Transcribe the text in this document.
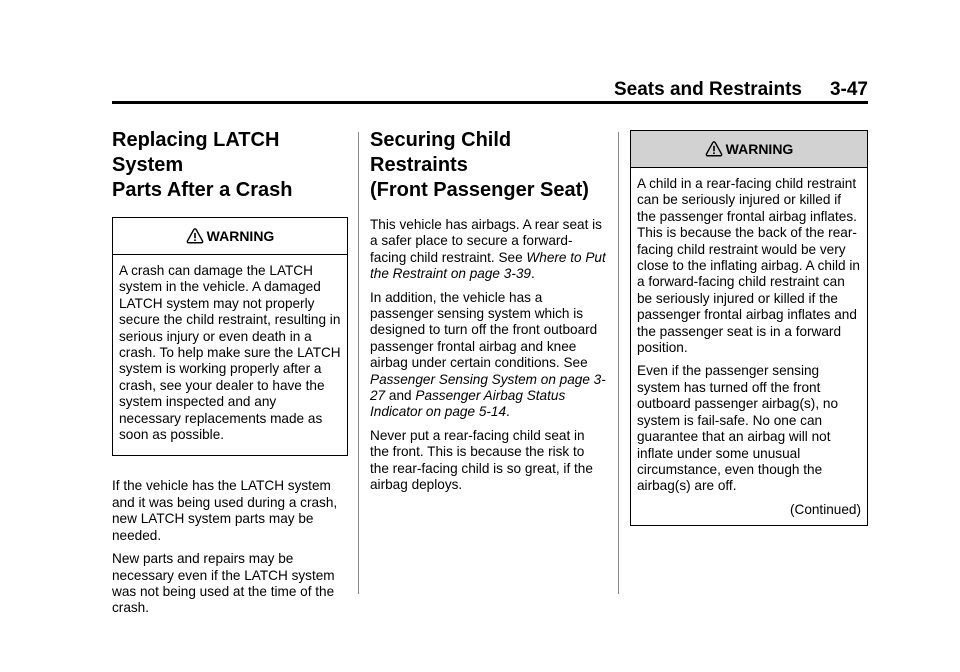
Seats and Restraints 3-47
Replacing LATCH System
Parts After a Crash
WARNING

A crash can damage the LATCH system in the vehicle. A damaged LATCH system may not properly secure the child restraint, resulting in serious injury or even death in a crash. To help make sure the LATCH system is working properly after a crash, see your dealer to have the system inspected and any necessary replacements made as soon as possible.

If the vehicle has the LATCH system and it was being used during a crash, new LATCH system parts may be needed.

New parts and repairs may be necessary even if the LATCH system was not being used at the time of the crash.

Securing Child Restraints
(Front Passenger Seat)

This vehicle has airbags. A rear seat is a safer place to secure a forward-facing child restraint. See Where to Put the Restraint on page 3-39.

In addition, the vehicle has a passenger sensing system which is designed to turn off the front outboard passenger frontal airbag and knee airbag under certain conditions. See Passenger Sensing System on page 3-27 and Passenger Airbag Status Indicator on page 5-14.

Never put a rear-facing child seat in the front. This is because the risk to the rear-facing child is so great, if the airbag deploys.

WARNING

A child in a rear-facing child restraint can be seriously injured or killed if the passenger frontal airbag inflates. This is because the back of the rear-facing child restraint would be very close to the inflating airbag. A child in a forward-facing child restraint can be seriously injured or killed if the passenger frontal airbag inflates and the passenger seat is in a forward position.

Even if the passenger sensing system has turned off the front outboard passenger airbag(s), no system is fail-safe. No one can guarantee that an airbag will not inflate under some unusual circumstance, even though the airbag(s) are off.

(Continued)
